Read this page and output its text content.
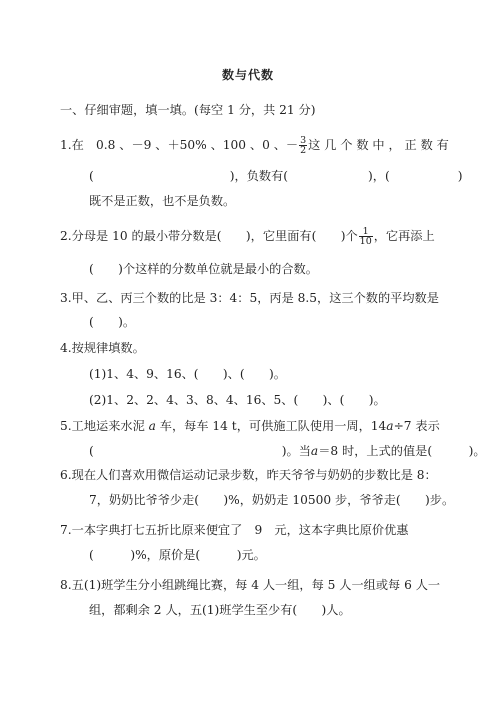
数与代数
一、仔细审题，填一填。(每空 1 分，共 21 分)
1.在　0.8 、－9 、＋50% 、100 、0 、－ $\frac{3}{2}$ 这 几 个 数 中 ， 正 数 有
(	)，负数有(	)，(	)
既不是正数，也不是负数。
2.分母是 10 的最小带分数是(　　)，它里面有(　　)个 $\frac{1}{10}$ ，它再添上
(　　)个这样的分数单位就是最小的合数。
3.甲、乙、丙三个数的比是 3：4：5，丙是 8.5，这三个数的平均数是
(　　)。
4.按规律填数。
(1)1、4、9、16、(　　)、(　　)。
(2)1、2、2、4、3、8、4、16、5、(　　)、(　　)。
5.工地运来水泥 a 车，每车 14 t，可供施工队使用一周，14a÷7 表示
(	)。当a＝8 时，上式的值是(　　　)。
6.现在人们喜欢用微信运动记录步数，昨天爷爷与奶奶的步数比是 8：
7，奶奶比爷爷少走(　　)%，奶奶走 10500 步，爷爷走(　　)步。
7.一本字典打七五折比原来便宜了　9　元，这本字典比原价优惠
(　　　)%，原价是(　　　)元。
8.五(1)班学生分小组跳绳比赛，每 4 人一组，每 5 人一组或每 6 人一
组，都剩余 2 人，五(1)班学生至少有(　　)人。
